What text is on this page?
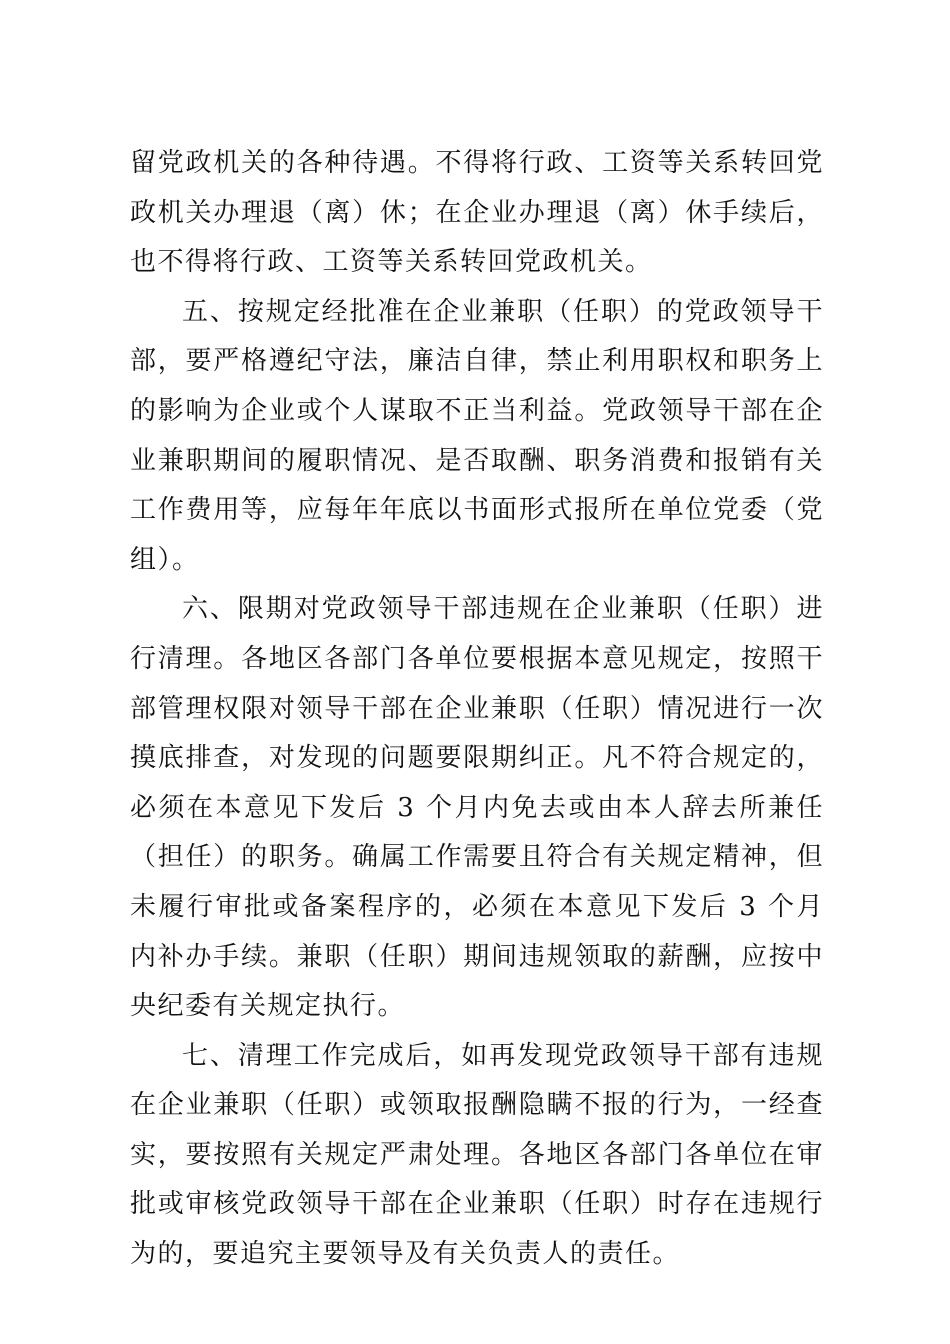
留党政机关的各种待遇。不得将行政、工资等关系转回党政机关办理退（离）休；在企业办理退（离）休手续后，也不得将行政、工资等关系转回党政机关。

五、按规定经批准在企业兼职（任职）的党政领导干部，要严格遵纪守法，廉洁自律，禁止利用职权和职务上的影响为企业或个人谋取不正当利益。党政领导干部在企业兼职期间的履职情况、是否取酬、职务消费和报销有关工作费用等，应每年年底以书面形式报所在单位党委（党组）。

六、限期对党政领导干部违规在企业兼职（任职）进行清理。各地区各部门各单位要根据本意见规定，按照干部管理权限对领导干部在企业兼职（任职）情况进行一次摸底排查，对发现的问题要限期纠正。凡不符合规定的，必须在本意见下发后 3 个月内免去或由本人辞去所兼任（担任）的职务。确属工作需要且符合有关规定精神，但未履行审批或备案程序的，必须在本意见下发后 3 个月内补办手续。兼职（任职）期间违规领取的薪酬，应按中央纪委有关规定执行。

七、清理工作完成后，如再发现党政领导干部有违规在企业兼职（任职）或领取报酬隐瞒不报的行为，一经查实，要按照有关规定严肃处理。各地区各部门各单位在审批或审核党政领导干部在企业兼职（任职）时存在违规行为的，要追究主要领导及有关负责人的责任。
